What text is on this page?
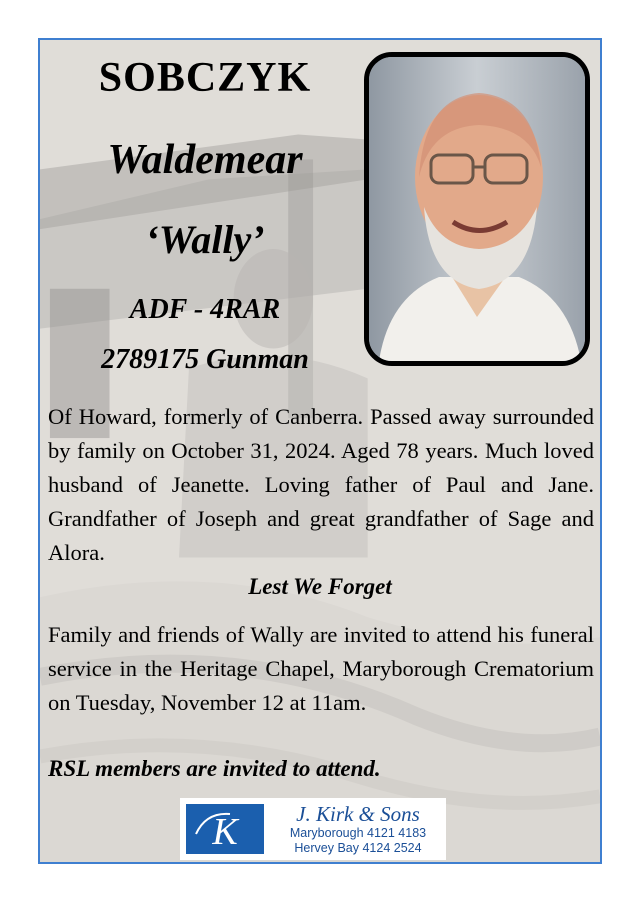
SOBCZYK
Waldemear
‘Wally’
ADF - 4RAR
2789175 Gunman
Of Howard, formerly of Canberra. Passed away surrounded by family on October 31, 2024. Aged 78 years. Much loved husband of Jeanette. Loving father of Paul and Jane. Grandfather of Joseph and great grandfather of Sage and Alora.
Lest We Forget
Family and friends of Wally are invited to attend his funeral service in the Heritage Chapel, Maryborough Crematorium on Tuesday, November 12 at 11am.
RSL members are invited to attend.
K	J. Kirk & Sons
Maryborough 4121 4183
Hervey Bay 4124 2524
